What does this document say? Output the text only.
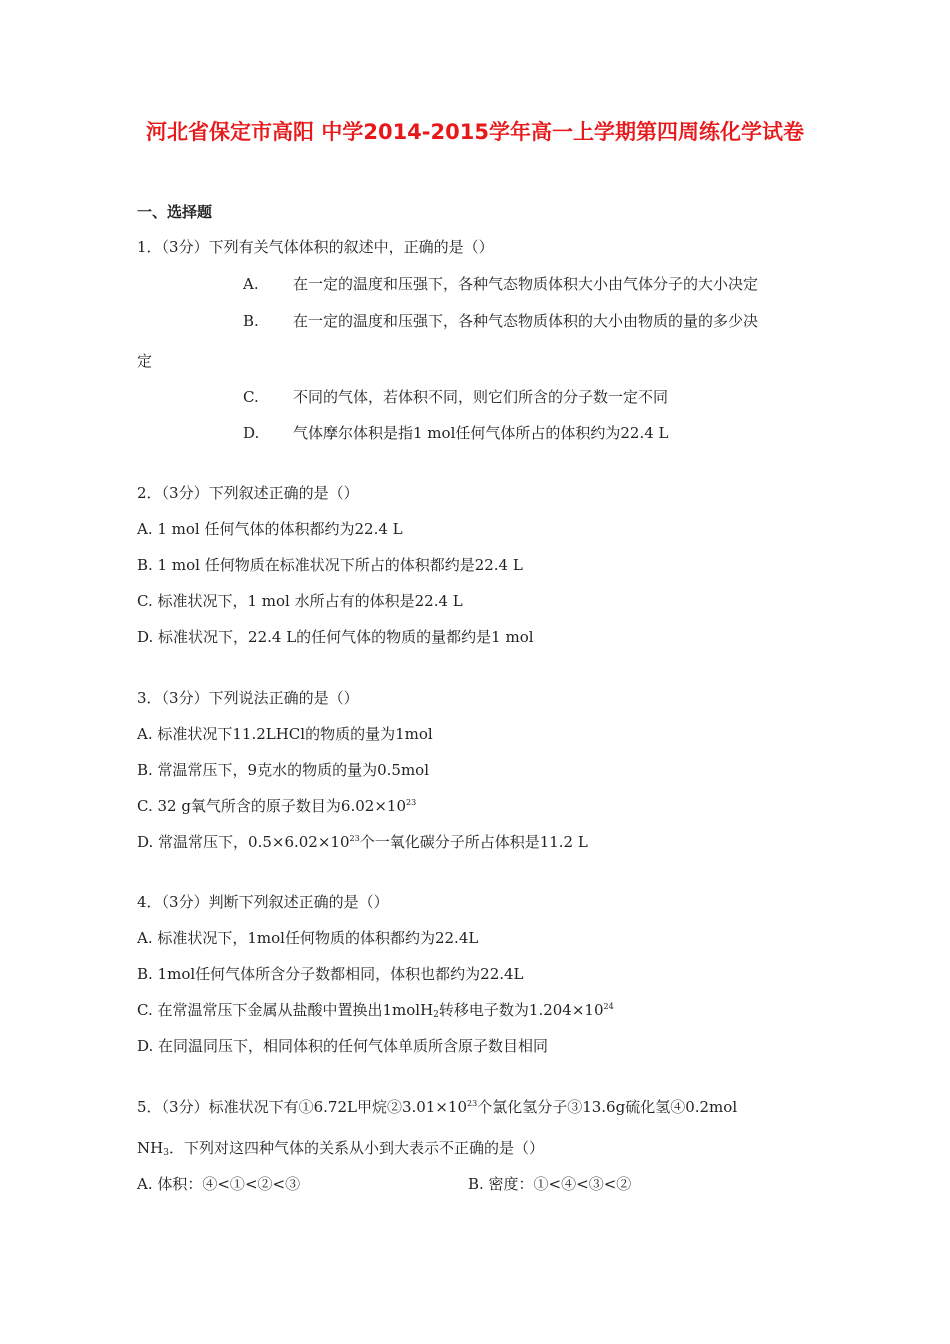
河北省保定市高阳 中学2014-2015学年高一上学期第四周练化学试卷
一、选择题
1．（3分）下列有关气体体积的叙述中，正确的是（）
A. 在一定的温度和压强下，各种气态物质体积大小由气体分子的大小决定
B. 在一定的温度和压强下，各种气态物质体积的大小由物质的量的多少决
定
C. 不同的气体，若体积不同，则它们所含的分子数一定不同
D. 气体摩尔体积是指1 mol任何气体所占的体积约为22.4 L
2．（3分）下列叙述正确的是（）
A. 1 mol 任何气体的体积都约为22.4 L
B. 1 mol 任何物质在标准状况下所占的体积都约是22.4 L
C. 标准状况下，1 mol 水所占有的体积是22.4 L
D. 标准状况下，22.4 L的任何气体的物质的量都约是1 mol
3．（3分）下列说法正确的是（）
A. 标准状况下11.2LHCl的物质的量为1mol
B. 常温常压下，9克水的物质的量为0.5mol
C. 32 g氧气所含的原子数目为$6.02\times 10^{23}$
D. 常温常压下，$0.5\times 6.02\times 10^{23}$个一氧化碳分子所占体积是11.2 L
4．（3分）判断下列叙述正确的是（）
A. 标准状况下，1mol任何物质的体积都约为22.4L
B. 1mol任何气体所含分子数都相同，体积也都约为22.4L
C. 在常温常压下金属从盐酸中置换出1molH$_2$转移电子数为$1.204\times 10^{24}$
D. 在同温同压下，相同体积的任何气体单质所含原子数目相同
5．（3分）标准状况下有①6.72L甲烷$②3.01\times 10^{23}$个氯化氢分子③13.6g硫化氢④0.2mol
$NH_3$．下列对这四种气体的关系从小到大表示不正确的是（）
A. 体积：④<①<②<③	B. 密度：①<④<③<②
